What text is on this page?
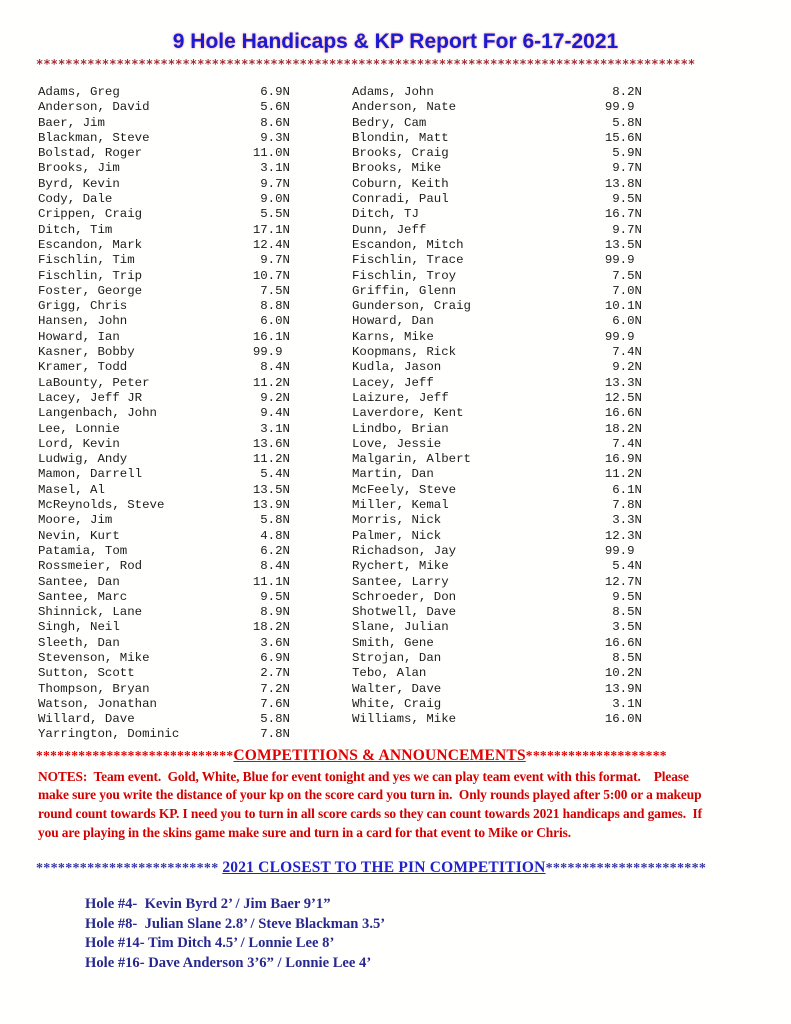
9 Hole Handicaps & KP Report For 6-17-2021
******************************************************************************************
Adams, Greg	6.9N
Anderson, David	5.6N
Baer, Jim	8.6N
Blackman, Steve	9.3N
Bolstad, Roger	11.0N
Brooks, Jim	3.1N
Byrd, Kevin	9.7N
Cody, Dale	9.0N
Crippen, Craig	5.5N
Ditch, Tim	17.1N
Escandon, Mark	12.4N
Fischlin, Tim	9.7N
Fischlin, Trip	10.7N
Foster, George	7.5N
Grigg, Chris	8.8N
Hansen, John	6.0N
Howard, Ian	16.1N
Kasner, Bobby	99.9
Kramer, Todd	8.4N
LaBounty, Peter	11.2N
Lacey, Jeff JR	9.2N
Langenbach, John	9.4N
Lee, Lonnie	3.1N
Lord, Kevin	13.6N
Ludwig, Andy	11.2N
Mamon, Darrell	5.4N
Masel, Al	13.5N
McReynolds, Steve	13.9N
Moore, Jim	5.8N
Nevin, Kurt	4.8N
Patamia, Tom	6.2N
Rossmeier, Rod	8.4N
Santee, Dan	11.1N
Santee, Marc	9.5N
Shinnick, Lane	8.9N
Singh, Neil	18.2N
Sleeth, Dan	3.6N
Stevenson, Mike	6.9N
Sutton, Scott	2.7N
Thompson, Bryan	7.2N
Watson, Jonathan	7.6N
Willard, Dave	5.8N
Yarrington, Dominic	7.8N
Adams, John	8.2N
Anderson, Nate	99.9
Bedry, Cam	5.8N
Blondin, Matt	15.6N
Brooks, Craig	5.9N
Brooks, Mike	9.7N
Coburn, Keith	13.8N
Conradi, Paul	9.5N
Ditch, TJ	16.7N
Dunn, Jeff	9.7N
Escandon, Mitch	13.5N
Fischlin, Trace	99.9
Fischlin, Troy	7.5N
Griffin, Glenn	7.0N
Gunderson, Craig	10.1N
Howard, Dan	6.0N
Karns, Mike	99.9
Koopmans, Rick	7.4N
Kudla, Jason	9.2N
Lacey, Jeff	13.3N
Laizure, Jeff	12.5N
Laverdore, Kent	16.6N
Lindbo, Brian	18.2N
Love, Jessie	7.4N
Malgarin, Albert	16.9N
Martin, Dan	11.2N
McFeely, Steve	6.1N
Miller, Kemal	7.8N
Morris, Nick	3.3N
Palmer, Nick	12.3N
Richadson, Jay	99.9
Rychert, Mike	5.4N
Santee, Larry	12.7N
Schroeder, Don	9.5N
Shotwell, Dave	8.5N
Slane, Julian	3.5N
Smith, Gene	16.6N
Strojan, Dan	8.5N
Tebo, Alan	10.2N
Walter, Dave	13.9N
White, Craig	3.1N
Williams, Mike	16.0N
****************************COMPETITIONS & ANNOUNCEMENTS********************
NOTES:  Team event.  Gold, White, Blue for event tonight and yes we can play team event with this format.    Please
make sure you write the distance of your kp on the score card you turn in.  Only rounds played after 5:00 or a makeup
round count towards KP. I need you to turn in all score cards so they can count towards 2021 handicaps and games.  If
you are playing in the skins game make sure and turn in a card for that event to Mike or Chris.
************************* 2021 CLOSEST TO THE PIN COMPETITION**********************
Hole #4-  Kevin Byrd 2’ / Jim Baer 9’1”
Hole #8-  Julian Slane 2.8’ / Steve Blackman 3.5’
Hole #14- Tim Ditch 4.5’ / Lonnie Lee 8’
Hole #16- Dave Anderson 3’6” / Lonnie Lee 4’
